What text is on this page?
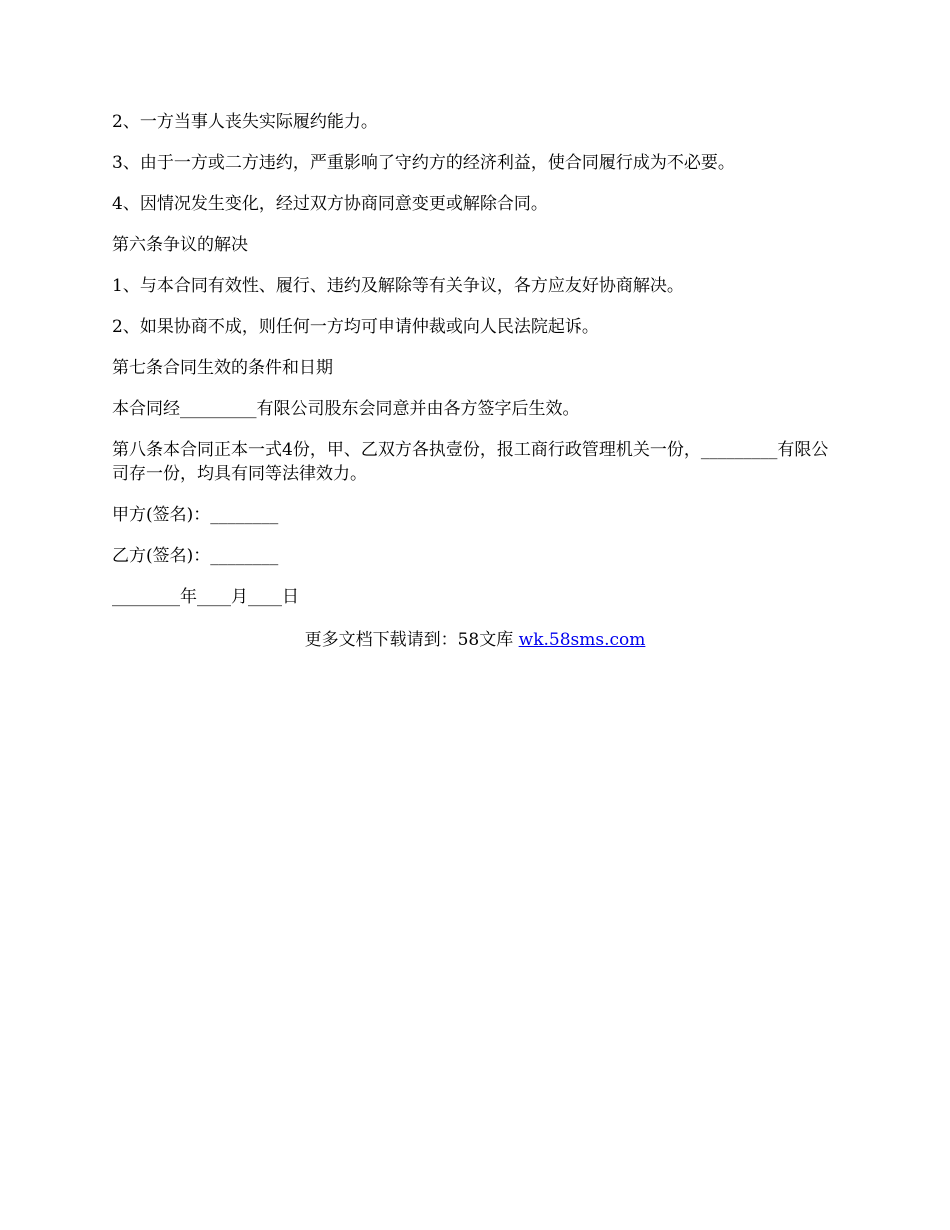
2、一方当事人丧失实际履约能力。

3、由于一方或二方违约，严重影响了守约方的经济利益，使合同履行成为不必要。

4、因情况发生变化，经过双方协商同意变更或解除合同。

第六条争议的解决

1、与本合同有效性、履行、违约及解除等有关争议，各方应友好协商解决。

2、如果协商不成，则任何一方均可申请仲裁或向人民法院起诉。

第七条合同生效的条件和日期

本合同经_________有限公司股东会同意并由各方签字后生效。

第八条本合同正本一式4份，甲、乙双方各执壹份，报工商行政管理机关一份，_________有限公司存一份，均具有同等法律效力。

甲方(签名)：________

乙方(签名)：________

________年____月____日

更多文档下载请到：58文库 wk.58sms.com
